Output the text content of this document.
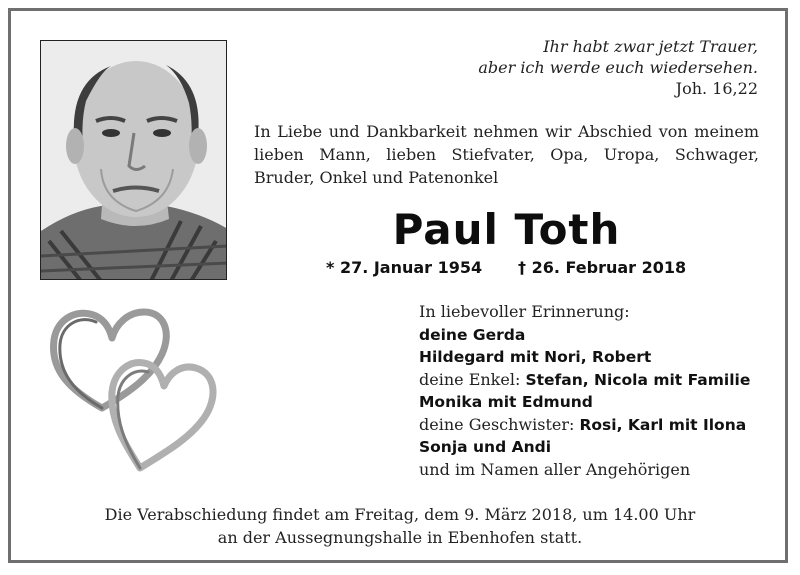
Ihr habt zwar jetzt Trauer,
aber ich werde euch wiedersehen.
Joh. 16,22
In Liebe und Dankbarkeit nehmen wir Abschied von meinem lieben Mann, lieben Stiefvater, Opa, Uropa, Schwager, Bruder, Onkel und Patenonkel
Paul Toth
* 27. Januar 1954 † 26. Februar 2018
In liebevoller Erinnerung:
deine Gerda
Hildegard mit Nori, Robert
deine Enkel: Stefan, Nicola mit Familie
Monika mit Edmund
deine Geschwister: Rosi, Karl mit Ilona
Sonja und Andi
und im Namen aller Angehörigen
Die Verabschiedung findet am Freitag, dem 9. März 2018, um 14.00 Uhr
an der Aussegnungshalle in Ebenhofen statt.
